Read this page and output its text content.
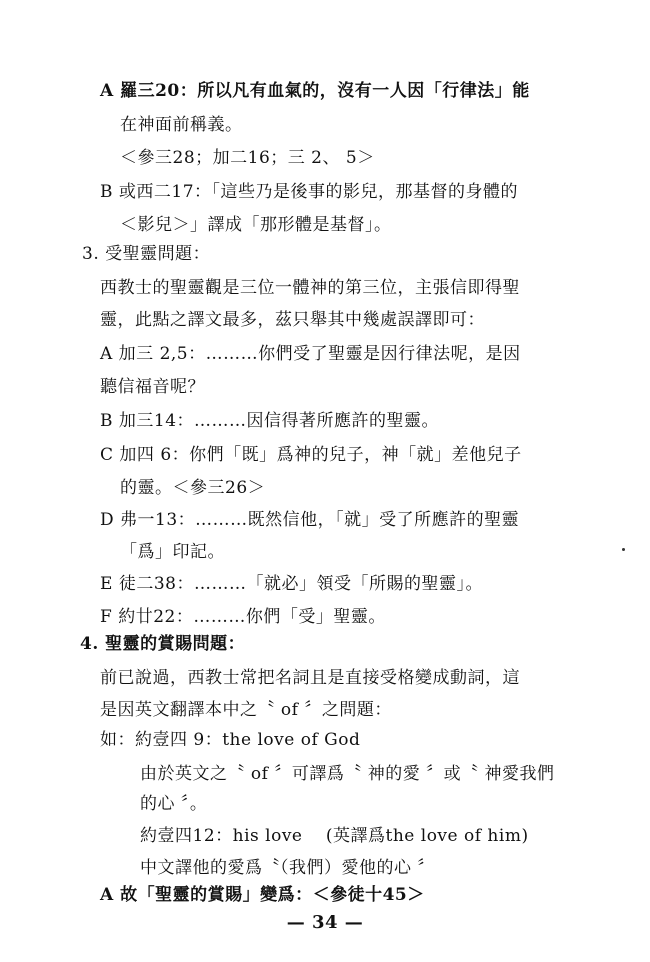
A 羅三20：所以凡有血氣的，沒有一人因「行律法」能
在神面前稱義。
＜參三28；加二16；三 2、 5＞
B 或西二17：「這些乃是後事的影兒，那基督的身體的
＜影兒＞」譯成「那形體是基督」。
3. 受聖靈問題：
西教士的聖靈觀是三位一體神的第三位，主張信即得聖
靈，此點之譯文最多，茲只舉其中幾處誤譯即可：
A 加三 2,5：………你們受了聖靈是因行律法呢，是因
聽信福音呢？
B 加三14：………因信得著所應許的聖靈。
C 加四 6：你們「既」爲神的兒子，神「就」差他兒子
的靈。＜參三26＞
D 弗一13：………既然信他，「就」受了所應許的聖靈
「爲」印記。
E 徒二38：………「就必」領受「所賜的聖靈」。
F 約廿22：………你們「受」聖靈。
4. 聖靈的賞賜問題：
前已說過，西教士常把名詞且是直接受格變成動詞，這
是因英文翻譯本中之〝 of 〞之問題：
如：約壹四 9：the love of God
由於英文之〝 of 〞可譯爲〝 神的愛 〞或〝 神愛我們
的心 〞。
約壹四12：his love　 (英譯爲the love of him)
中文譯他的愛爲〝（我們）愛他的心 〞
A 故「聖靈的賞賜」變爲：＜參徒十45＞
— 34 —
